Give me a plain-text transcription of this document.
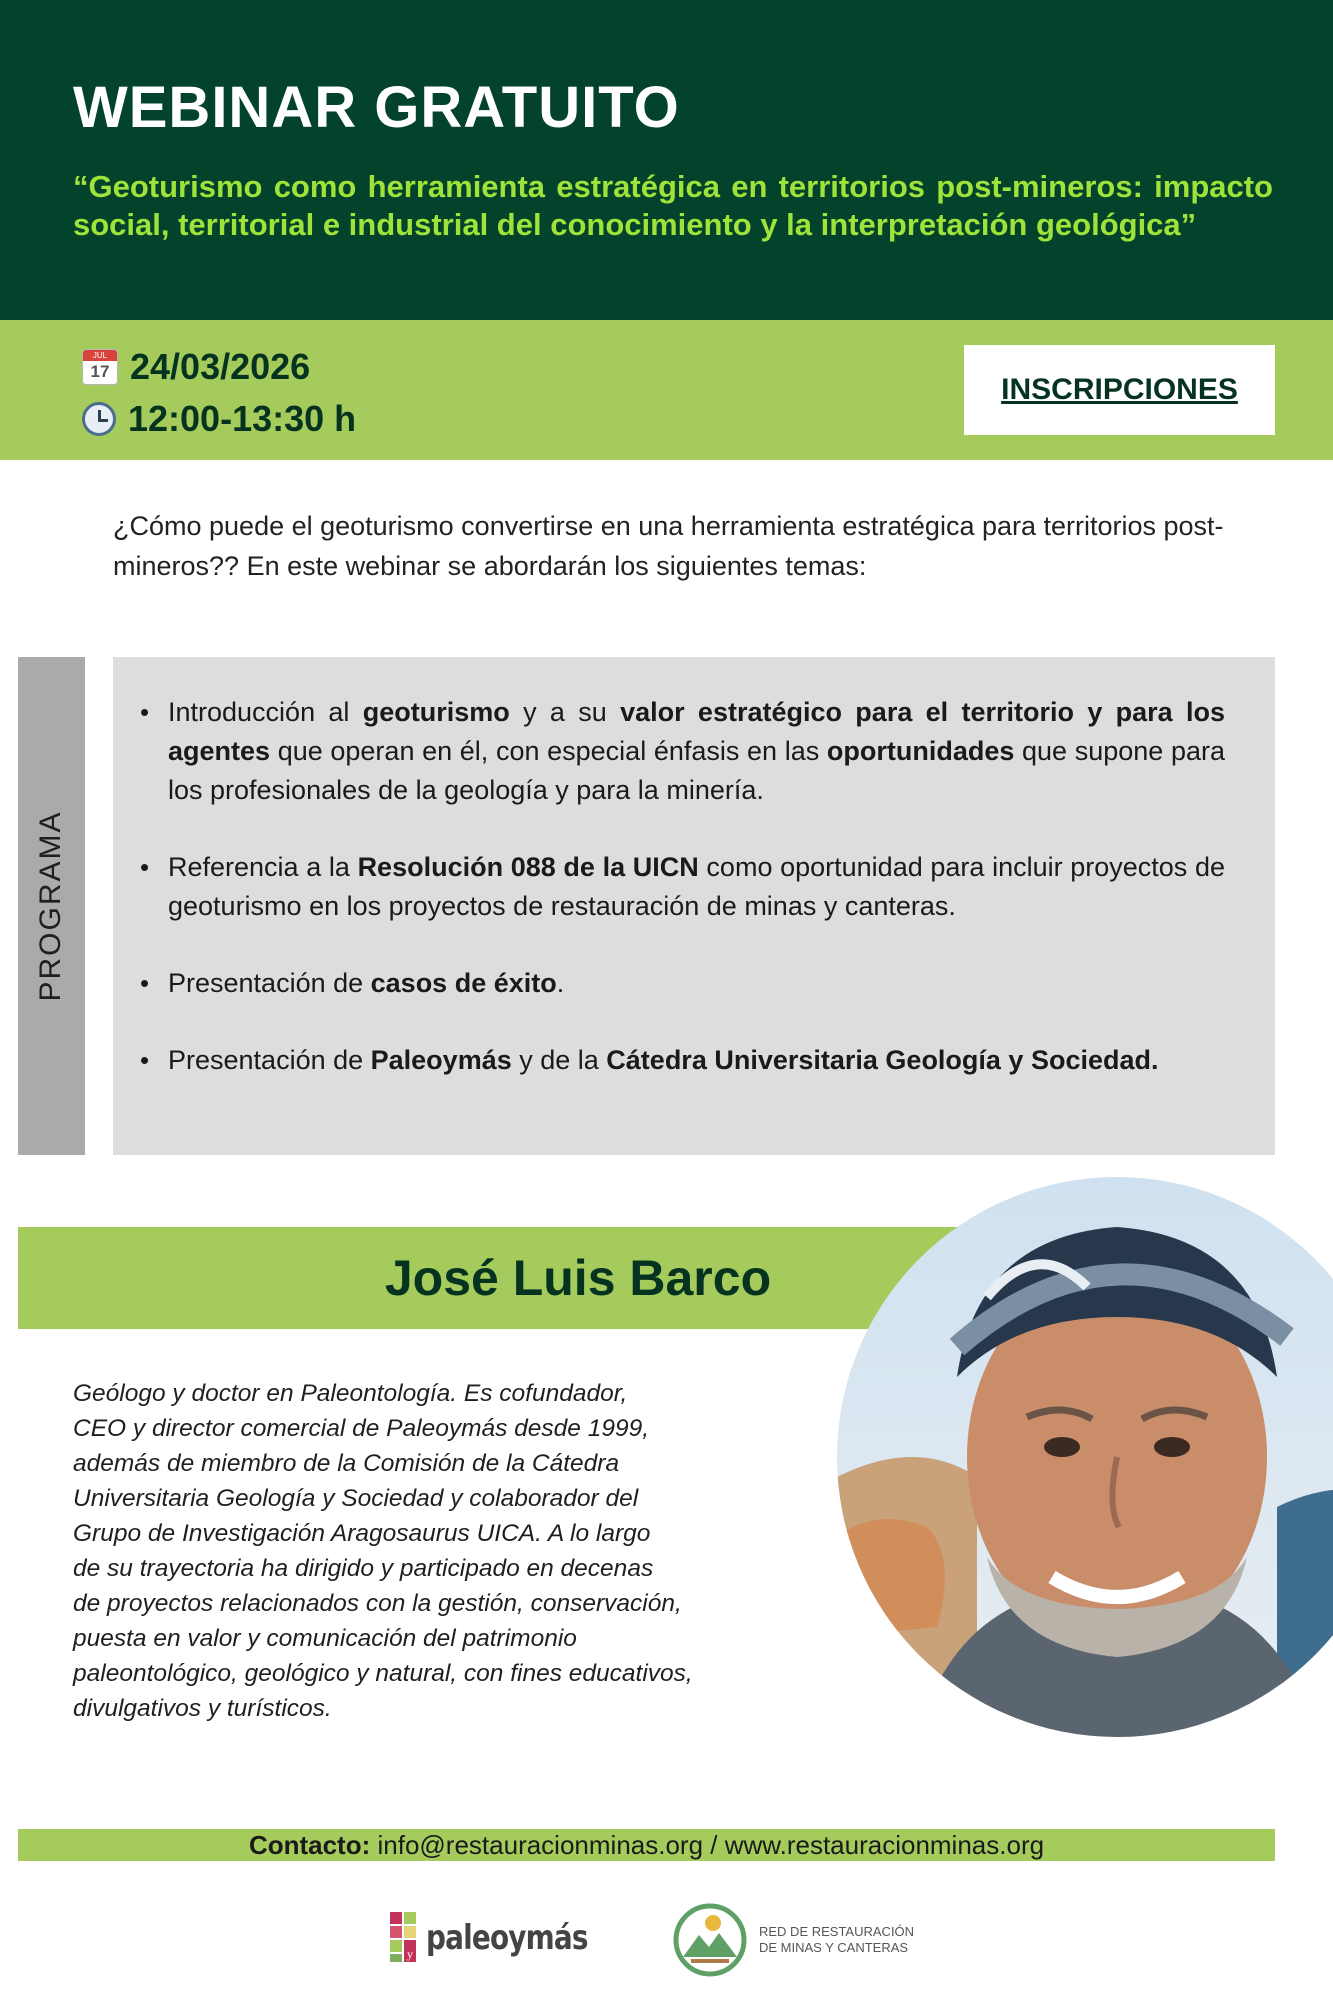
WEBINAR GRATUITO
“Geoturismo como herramienta estratégica en territorios post-mineros: impacto social, territorial e industrial del conocimiento y la interpretación geológica”
JUL
17 24/03/2026
12:00-13:30 h
INSCRIPCIONES
¿Cómo puede el geoturismo convertirse en una herramienta estratégica para territorios post-mineros?? En este webinar se abordarán los siguientes temas:
PROGRAMA
• Introducción al geoturismo y a su valor estratégico para el territorio y para los agentes que operan en él, con especial énfasis en las oportunidades que supone para los profesionales de la geología y para la minería.
• Referencia a la Resolución 088 de la UICN como oportunidad para incluir proyectos de geoturismo en los proyectos de restauración de minas y canteras.
• Presentación de casos de éxito.
• Presentación de Paleoymás y de la Cátedra Universitaria Geología y Sociedad.
José Luis Barco
Geólogo y doctor en Paleontología. Es cofundador,
CEO y director comercial de Paleoymás desde 1999,
además de miembro de la Comisión de la Cátedra
Universitaria Geología y Sociedad y colaborador del
Grupo de Investigación Aragosaurus UICA. A lo largo
de su trayectoria ha dirigido y participado en decenas
de proyectos relacionados con la gestión, conservación,
puesta en valor y comunicación del patrimonio
paleontológico, geológico y natural, con fines educativos,
divulgativos y turísticos.
Contacto: info@restauracionminas.org / www.restauracionminas.org
y paleoymás	RED DE RESTAURACIÓN
DE MINAS Y CANTERAS
